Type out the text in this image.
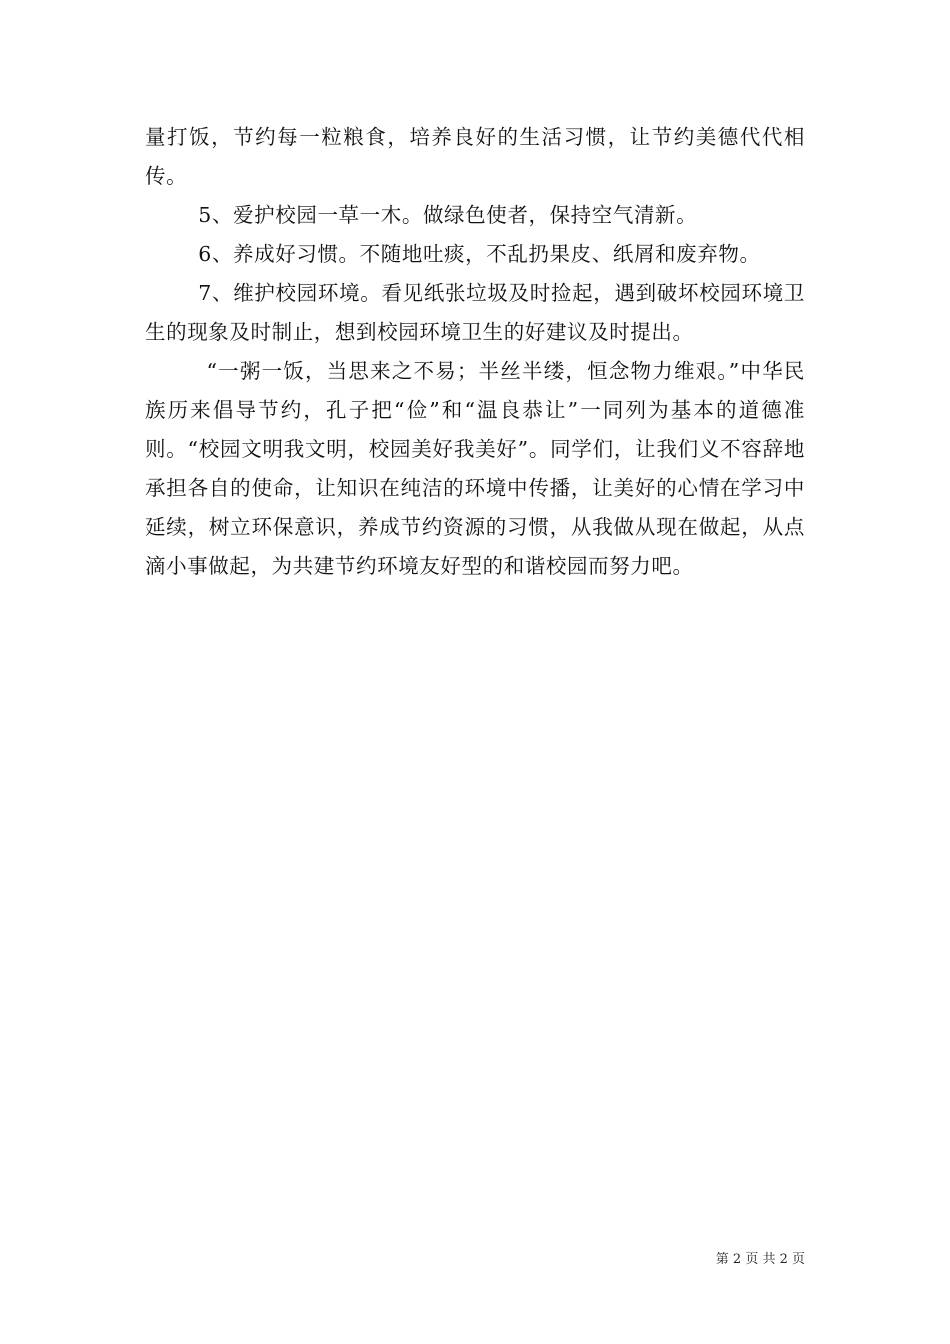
量打饭，节约每一粒粮食，培养良好的生活习惯，让节约美德代代相传。

5、爱护校园一草一木。做绿色使者，保持空气清新。

6、养成好习惯。不随地吐痰，不乱扔果皮、纸屑和废弃物。

7、维护校园环境。看见纸张垃圾及时捡起，遇到破坏校园环境卫生的现象及时制止，想到校园环境卫生的好建议及时提出。

“一粥一饭，当思来之不易；半丝半缕，恒念物力维艰。”中华民族历来倡导节约，孔子把“俭”和“温良恭让”一同列为基本的道德准则。“校园文明我文明，校园美好我美好”。同学们，让我们义不容辞地承担各自的使命，让知识在纯洁的环境中传播，让美好的心情在学习中延续，树立环保意识，养成节约资源的习惯，从我做从现在做起，从点滴小事做起，为共建节约环境友好型的和谐校园而努力吧。

第 2 页 共 2 页
